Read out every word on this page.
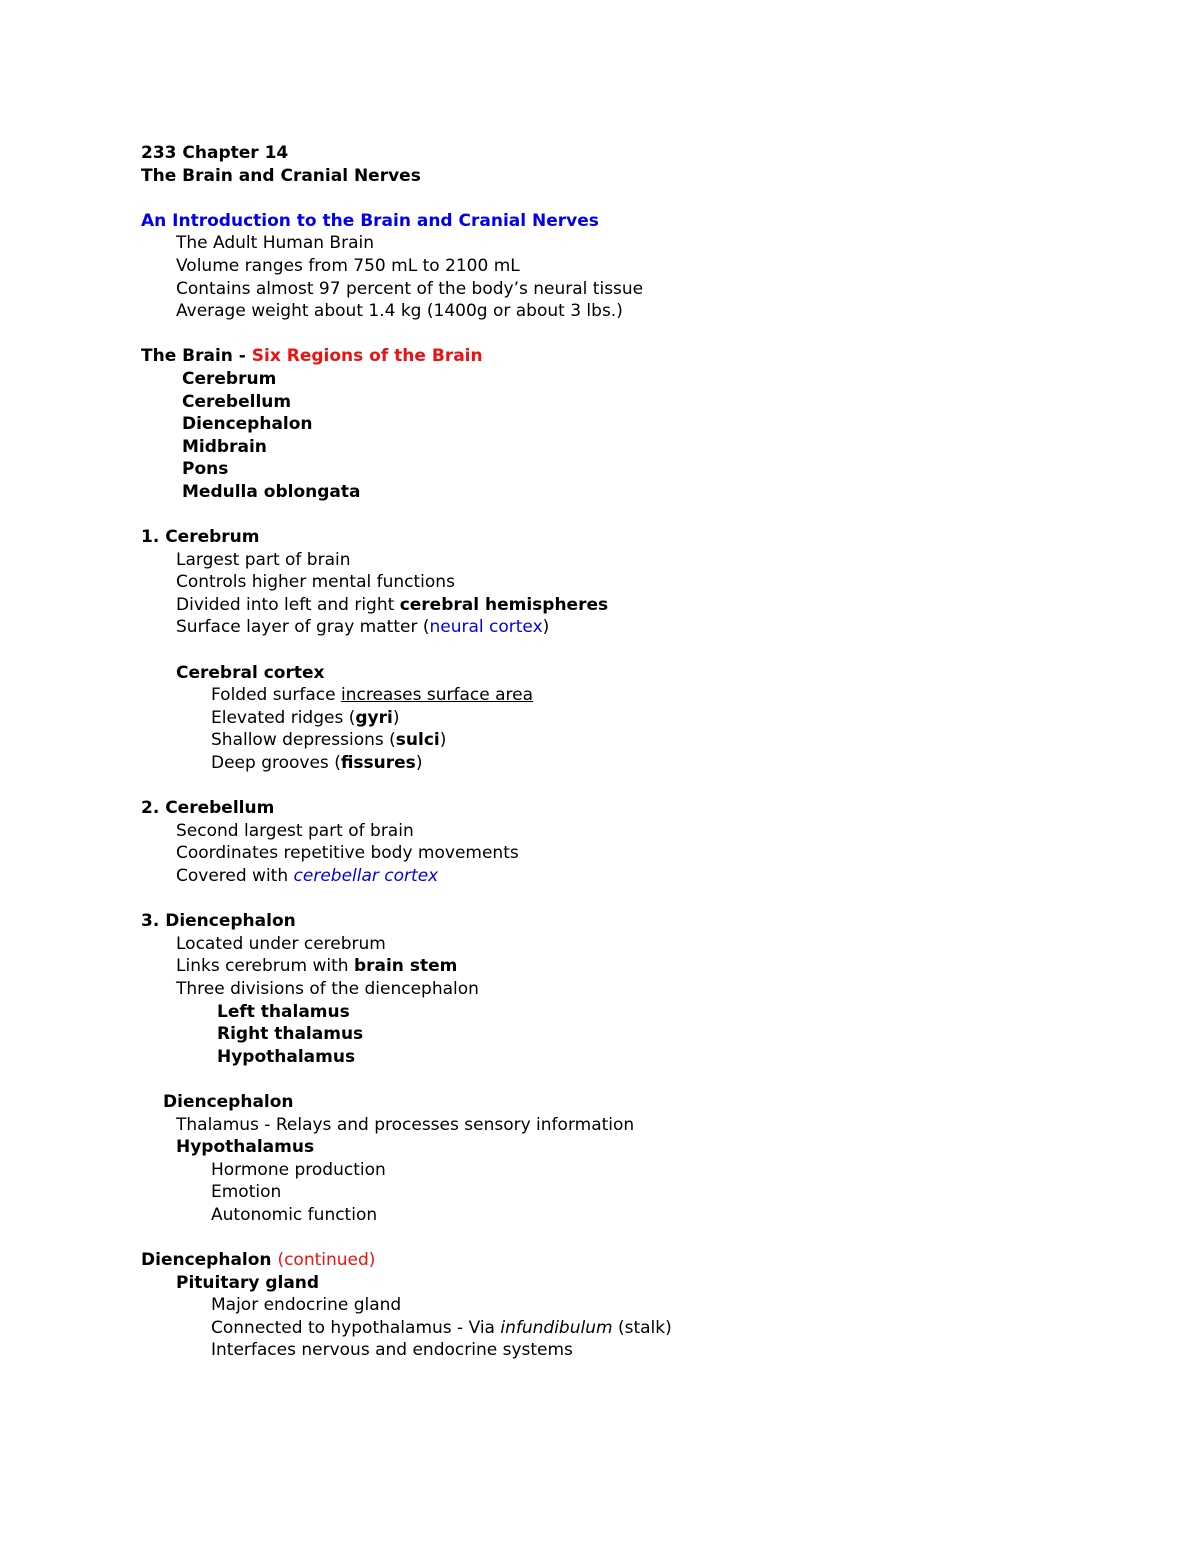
233 Chapter 14
The Brain and Cranial Nerves
An Introduction to the Brain and Cranial Nerves
The Adult Human Brain
Volume ranges from 750 mL to 2100 mL
Contains almost 97 percent of the body’s neural tissue
Average weight about 1.4 kg (1400g or about 3 lbs.)
The Brain - Six Regions of the Brain
Cerebrum
Cerebellum
Diencephalon
Midbrain
Pons
Medulla oblongata
1. Cerebrum
Largest part of brain
Controls higher mental functions
Divided into left and right cerebral hemispheres
Surface layer of gray matter (neural cortex)
Cerebral cortex
Folded surface increases surface area
Elevated ridges (gyri)
Shallow depressions (sulci)
Deep grooves (fissures)
2. Cerebellum
Second largest part of brain
Coordinates repetitive body movements
Covered with cerebellar cortex
3. Diencephalon
Located under cerebrum
Links cerebrum with brain stem
Three divisions of the diencephalon
Left thalamus
Right thalamus
Hypothalamus
Diencephalon
Thalamus - Relays and processes sensory information
Hypothalamus
Hormone production
Emotion
Autonomic function
Diencephalon (continued)
Pituitary gland
Major endocrine gland
Connected to hypothalamus - Via infundibulum (stalk)
Interfaces nervous and endocrine systems
